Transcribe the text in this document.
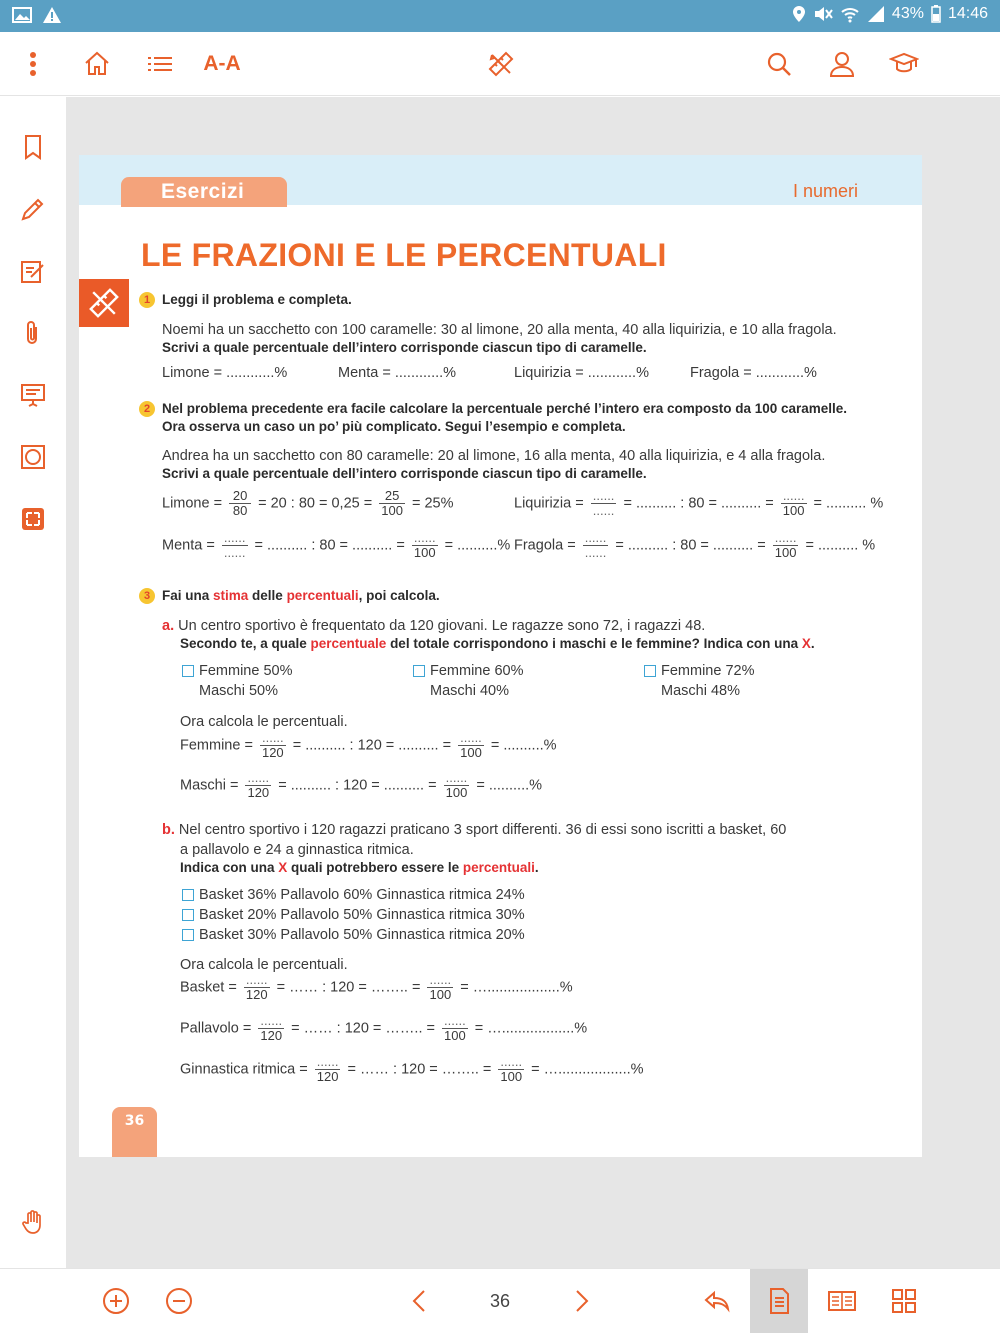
43% 14:46
A-A
Esercizi	I numeri
LE FRAZIONI E LE PERCENTUALI
1 Leggi il problema e completa.
Noemi ha un sacchetto con 100 caramelle: 30 al limone, 20 alla menta, 40 alla liquirizia, e 10 alla fragola.
Scrivi a quale percentuale dell’intero corrisponde ciascun tipo di caramelle.
Limone = ............%	Menta = ............%	Liquirizia = ............%	Fragola = ............%
2 Nel problema precedente era facile calcolare la percentuale perché l’intero era composto da 100 caramelle.
Ora osserva un caso un po’ più complicato. Segui l’esempio e completa.
Andrea ha un sacchetto con 80 caramelle: 20 al limone, 16 alla menta, 40 alla liquirizia, e 4 alla fragola.
Scrivi a quale percentuale dell’intero corrisponde ciascun tipo di caramelle.
Limone = $\frac{20}{80} = 20$ : $80 = 0,25 = \frac{25}{100} = 25\%$	Liquirizia = ......
...... = .......... : 80 = .......... = ......
100 = .......... %
Menta = ......
...... = .......... : 80 = .......... = ......
100 = ..........% Fragola = ......
...... = .......... : 80 = .......... = ......
100 = .......... %
3 Fai una stima delle percentuali, poi calcola.
a. Un centro sportivo è frequentato da 120 giovani. Le ragazze sono 72, i ragazzi 48.
Secondo te, a quale percentuale del totale corrispondono i maschi e le femmine? Indica con una X.
Femmine 50%
Maschi 50%
Femmine 60%
Maschi 40%
Femmine 72%
Maschi 48%
Ora calcola le percentuali.
Femmine = ......
120 = .......... : 120 = .......... = ......
100 = ..........%
Maschi = ......
120 = .......... : 120 = .......... = ......
100 = ..........%
b. Nel centro sportivo i 120 ragazzi praticano 3 sport differenti. 36 di essi sono iscritti a basket, 60
a pallavolo e 24 a ginnastica ritmica.
Indica con una X quali potrebbero essere le percentuali.
Basket 36% Pallavolo 60% Ginnastica ritmica 24%
Basket 20% Pallavolo 50% Ginnastica ritmica 30%
Basket 30% Pallavolo 50% Ginnastica ritmica 20%
Ora calcola le percentuali.
Basket = ......
120 = …… : 120 = …….. = ......
100 = …..................%
Pallavolo = ......
120 = …… : 120 = …….. = ......
100 = …..................%
Ginnastica ritmica = ......
120 = …… : 120 = …….. = ......
100 = …..................%
36
36
